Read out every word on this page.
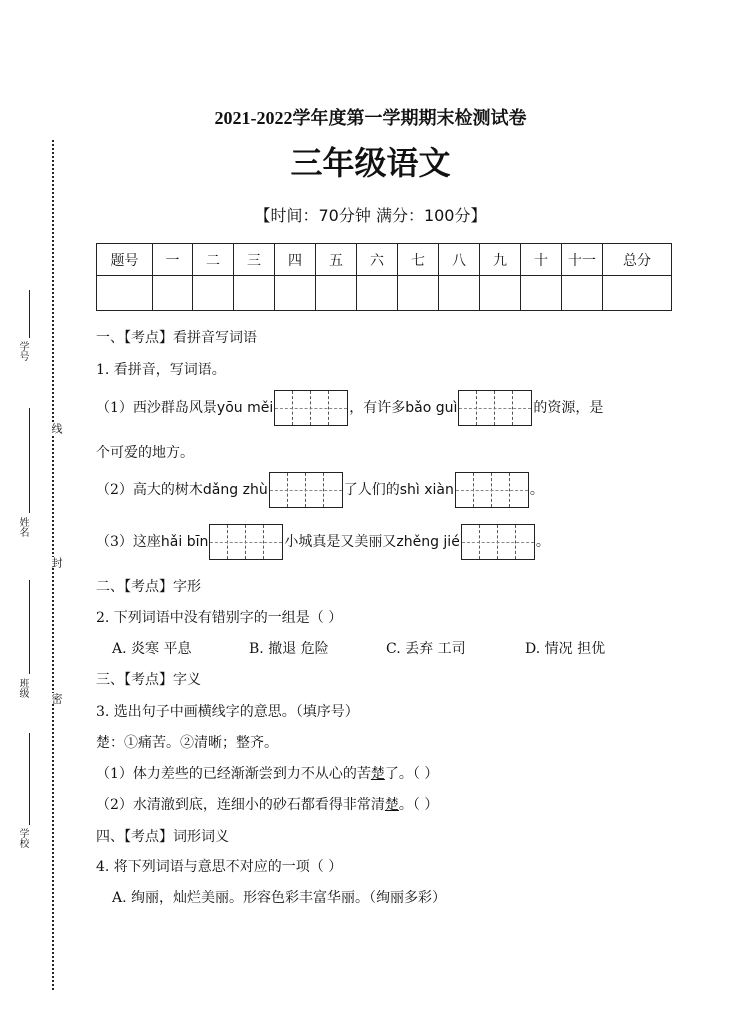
学号
姓名
班级
学校
线
封
密
2021-2022学年度第一学期期末检测试卷
三年级语文
【时间：70分钟 满分：100分】
题号	一	二	三	四	五	六	七	八	九	十	十一	总分

一、【考点】看拼音写词语
1. 看拼音，写词语。
（1）西沙群岛风景yōu měi	，有许多bǎo guì	的资源，是
个可爱的地方。
（2）高大的树木dǎng zhù	了人们的shì xiàn	。
（3）这座hǎi bīn	小城真是又美丽又zhěng jié	。
二、【考点】字形
2. 下列词语中没有错别字的一组是（ ）
A. 炎寒 平息	B. 撤退 危险	C. 丢弃 工司	D. 情况 担优
三、【考点】字义
3. 选出句子中画横线字的意思。（填序号）
楚：①痛苦。②清晰；整齐。
（1）体力差些的已经渐渐尝到力不从心的苦楚了。（ ）
（2）水清澈到底，连细小的砂石都看得非常清楚。（ ）
四、【考点】词形词义
4. 将下列词语与意思不对应的一项（ ）
A. 绚丽，灿烂美丽。形容色彩丰富华丽。（绚丽多彩）
